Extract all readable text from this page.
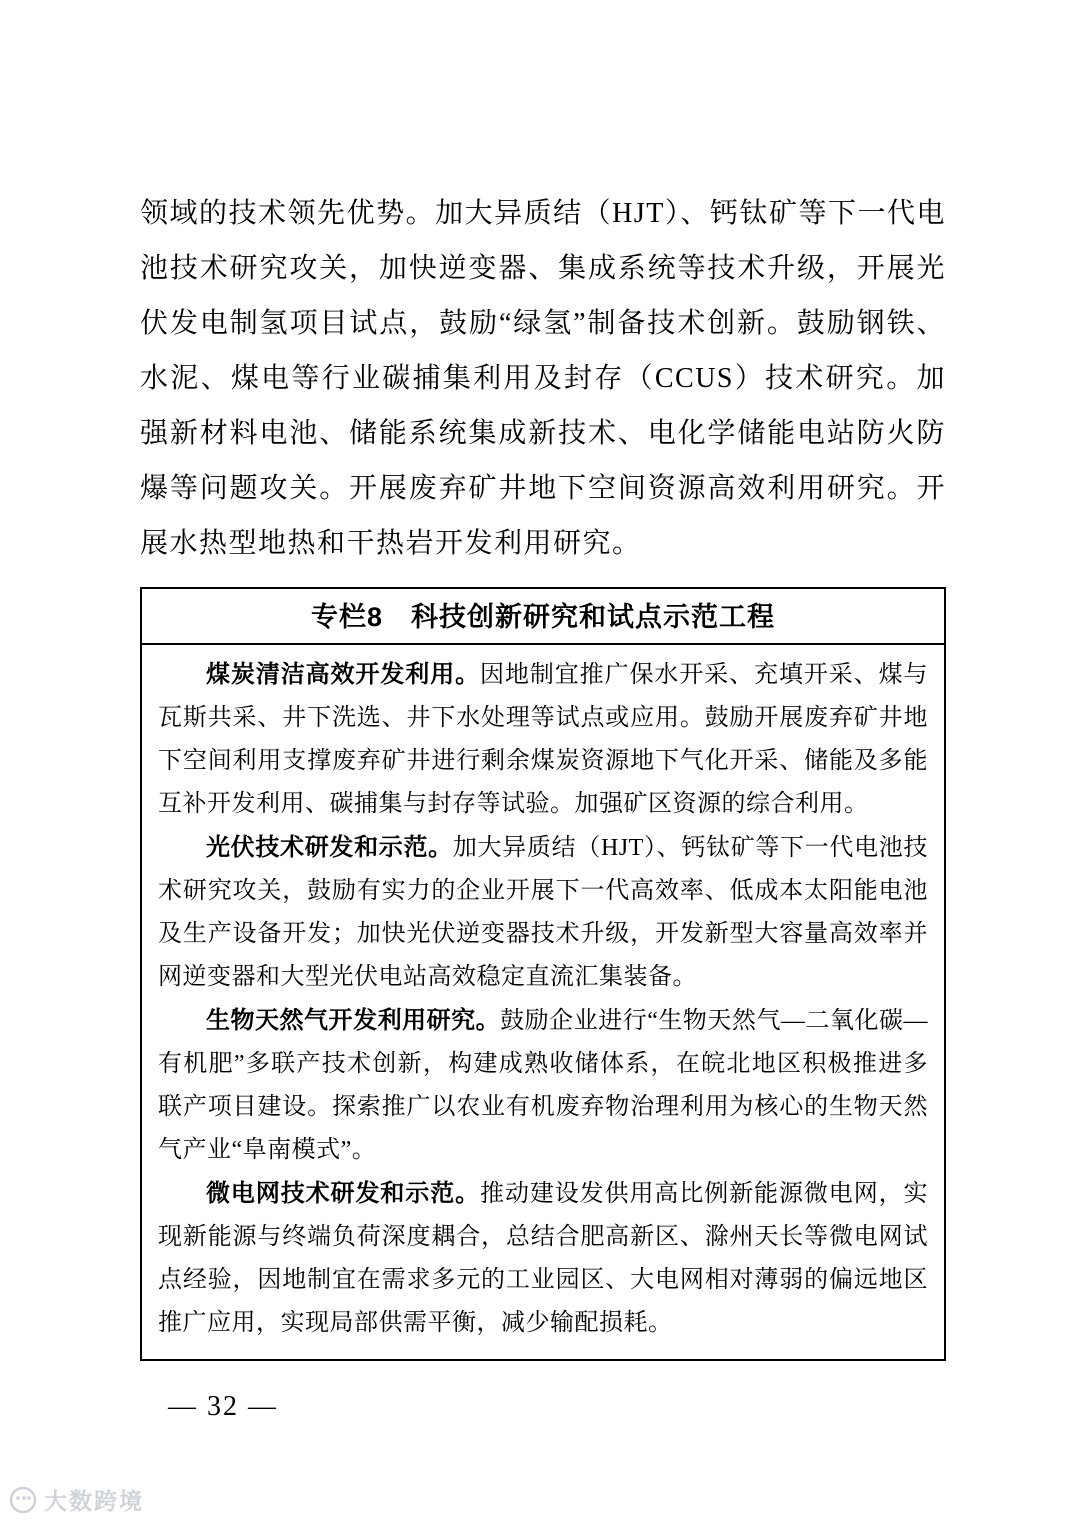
领域的技术领先优势。加大异质结（HJT）、钙钛矿等下一代电池技术研究攻关，加快逆变器、集成系统等技术升级，开展光伏发电制氢项目试点，鼓励“绿氢”制备技术创新。鼓励钢铁、水泥、煤电等行业碳捕集利用及封存（CCUS）技术研究。加强新材料电池、储能系统集成新技术、电化学储能电站防火防爆等问题攻关。开展废弃矿井地下空间资源高效利用研究。开展水热型地热和干热岩开发利用研究。

专栏8　科技创新研究和试点示范工程

煤炭清洁高效开发利用。因地制宜推广保水开采、充填开采、煤与瓦斯共采、井下洗选、井下水处理等试点或应用。鼓励开展废弃矿井地下空间利用支撑废弃矿井进行剩余煤炭资源地下气化开采、储能及多能互补开发利用、碳捕集与封存等试验。加强矿区资源的综合利用。

光伏技术研发和示范。加大异质结（HJT）、钙钛矿等下一代电池技术研究攻关，鼓励有实力的企业开展下一代高效率、低成本太阳能电池及生产设备开发；加快光伏逆变器技术升级，开发新型大容量高效率并网逆变器和大型光伏电站高效稳定直流汇集装备。

生物天然气开发利用研究。鼓励企业进行“生物天然气—二氧化碳—有机肥”多联产技术创新，构建成熟收储体系，在皖北地区积极推进多联产项目建设。探索推广以农业有机废弃物治理利用为核心的生物天然气产业“阜南模式”。

微电网技术研发和示范。推动建设发供用高比例新能源微电网，实现新能源与终端负荷深度耦合，总结合肥高新区、滁州天长等微电网试点经验，因地制宜在需求多元的工业园区、大电网相对薄弱的偏远地区推广应用，实现局部供需平衡，减少输配损耗。

— 32 —
大数跨境
